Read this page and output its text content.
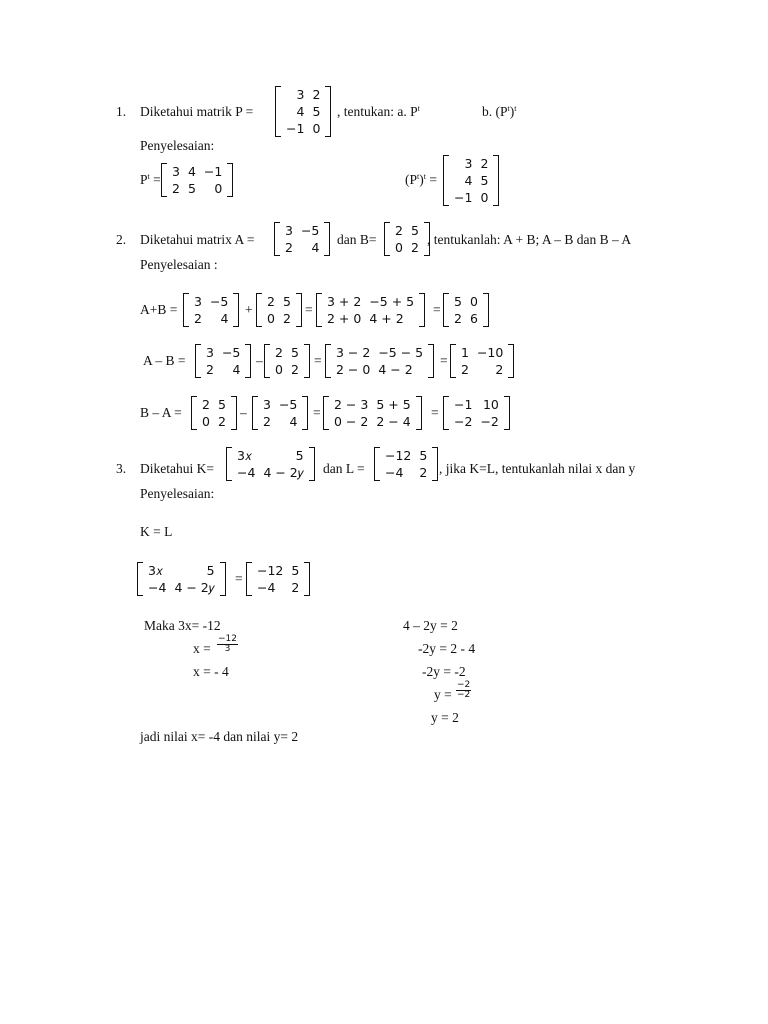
1. Diketahui matrik P =
3	2
4	5
−1	0
, tentukan: a. $P^t$	b. $(P^t)^t$
Penyelesaian:
$P^t$ =
3	4	−1
2	5	0
$(P^t)^t$ =
3	2
4	5
−1	0
2. Diketahui matrix A =
3	−5
2	4
dan B=
2	5
0	2
, tentukanlah: A + B; A – B dan B – A
Penyelesaian :
A+B =
3	−5
2	4
+
2	5
0	2
=
3 + 2	−5 + 5
2 + 0	4 + 2
=
5	0
2	6
A – B =
3	−5
2	4
–
2	5
0	2
=
3 − 2	−5 − 5
2 − 0	4 − 2
=
1	−10
2	2
B – A =
2	5
0	2
–
3	−5
2	4
=
2 − 3	5 + 5
0 − 2	2 − 4
=
−1	10
−2	−2
3. Diketahui K=
3𝑥	5
−4	4 − 2𝑦 dan L =
−12	5
−4	2 , jika K=L, tentukanlah nilai x dan y
Penyelesaian:
K = L
3𝑥	5
−4	4 − 2𝑦
=
−12	5
−4	2
Maka 3x= -12
$x = \frac{-12}{3}$
x = - 4
4 – 2y = 2
-2y = 2 - 4
-2y = -2
$y = \frac{-2}{-2}$
y = 2
jadi nilai x= -4 dan nilai y= 2
